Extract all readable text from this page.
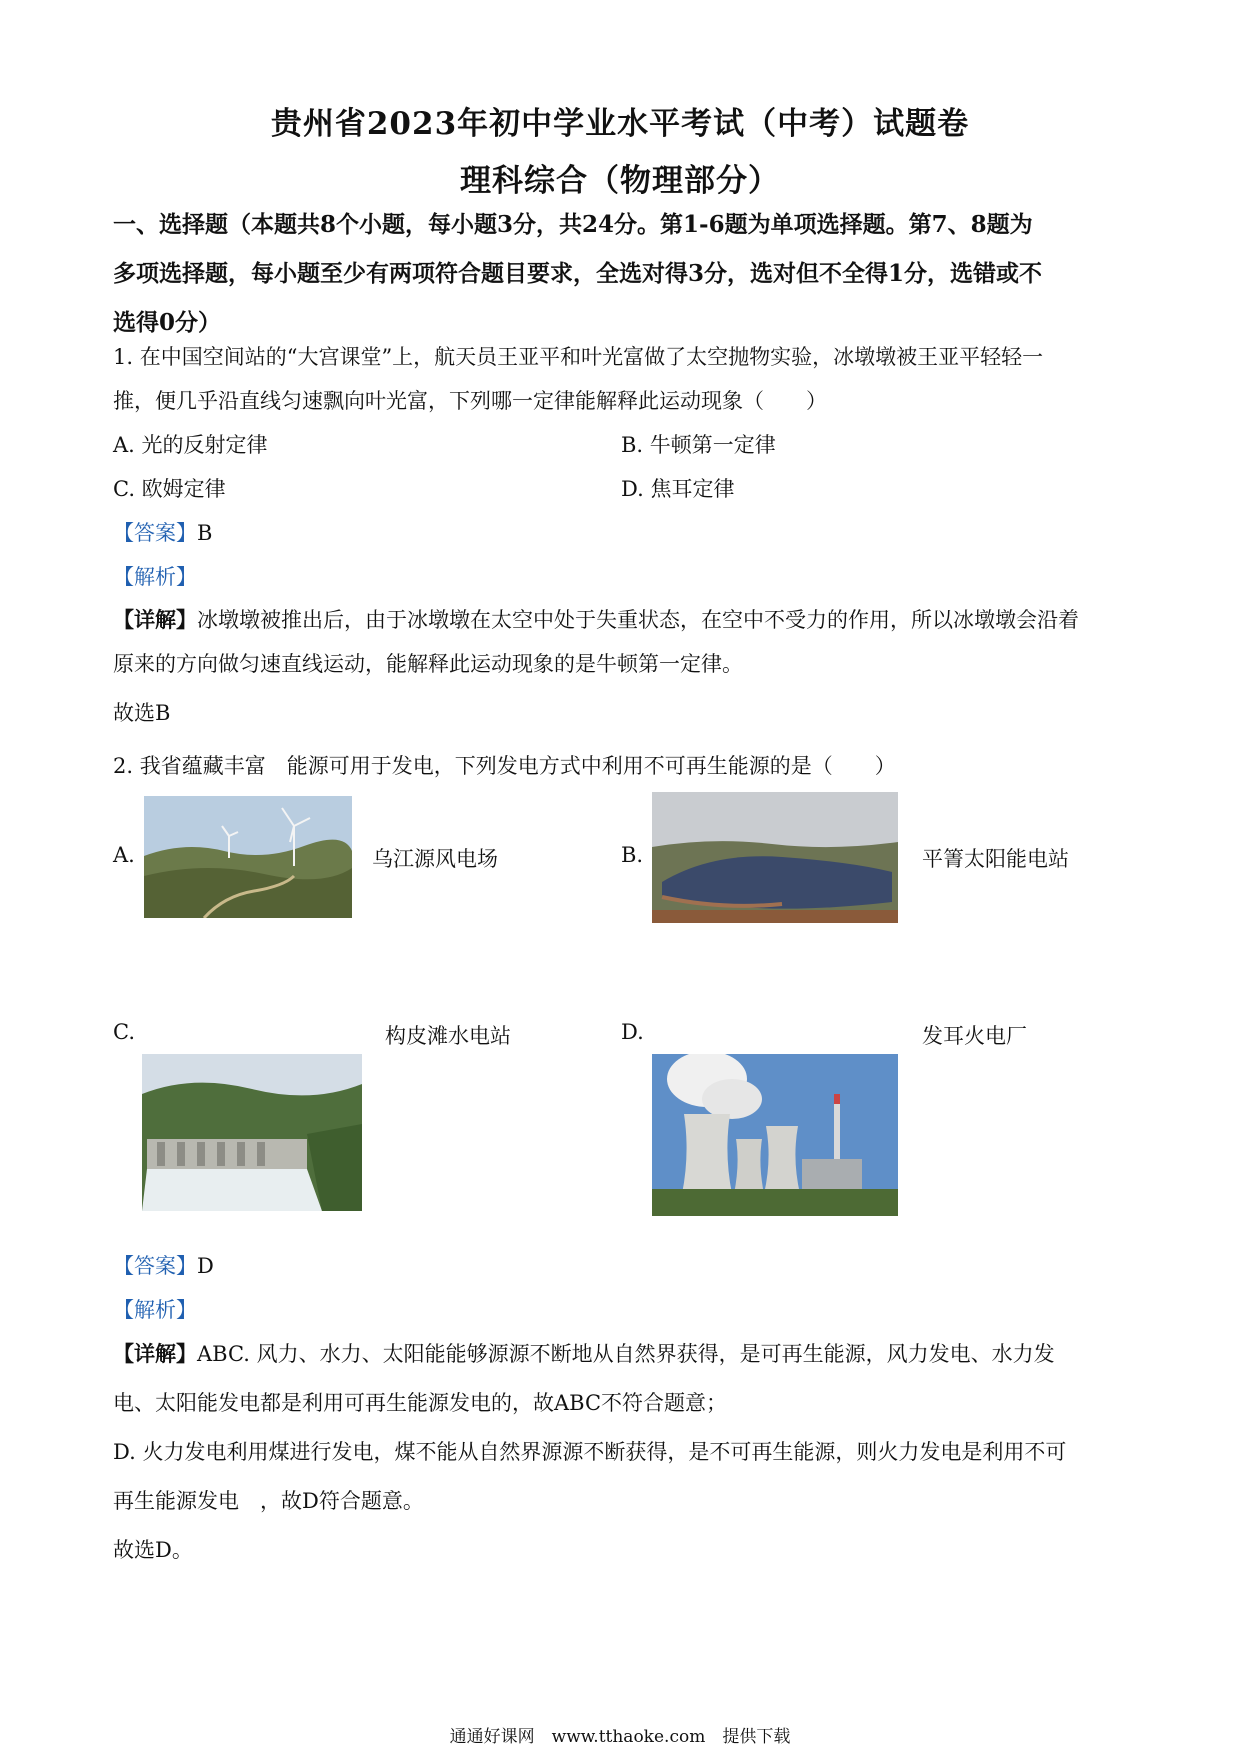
贵州省2023年初中学业水平考试（中考）试题卷
理科综合（物理部分）
一、选择题（本题共8个小题，每小题3分，共24分。第1-6题为单项选择题。第7、8题为
多项选择题，每小题至少有两项符合题目要求，全选对得3分，选对但不全得1分，选错或不
选得0分）
1. 在中国空间站的“大宫课堂”上，航天员王亚平和叶光富做了太空抛物实验，冰墩墩被王亚平轻轻一
推，便几乎沿直线匀速飘向叶光富，下列哪一定律能解释此运动现象（　　）
A. 光的反射定律	B. 牛顿第一定律
C. 欧姆定律	D. 焦耳定律
【答案】B
【解析】
【详解】冰墩墩被推出后，由于冰墩墩在太空中处于失重状态，在空中不受力的作用，所以冰墩墩会沿着
原来的方向做匀速直线运动，能解释此运动现象的是牛顿第一定律。
故选B
2. 我省蕴藏丰富　能源可用于发电，下列发电方式中利用不可再生能源的是（　　）
A.	乌江源风电场	B.	平箐太阳能电站
C.	构皮滩水电站	D.	发耳火电厂
【答案】D
【解析】
【详解】ABC. 风力、水力、太阳能能够源源不断地从自然界获得，是可再生能源，风力发电、水力发
电、太阳能发电都是利用可再生能源发电的，故ABC不符合题意；
D. 火力发电利用煤进行发电，煤不能从自然界源源不断获得，是不可再生能源，则火力发电是利用不可
再生能源发电　，故D符合题意。
故选D。
通通好课网　www.tthaoke.com　提供下载
